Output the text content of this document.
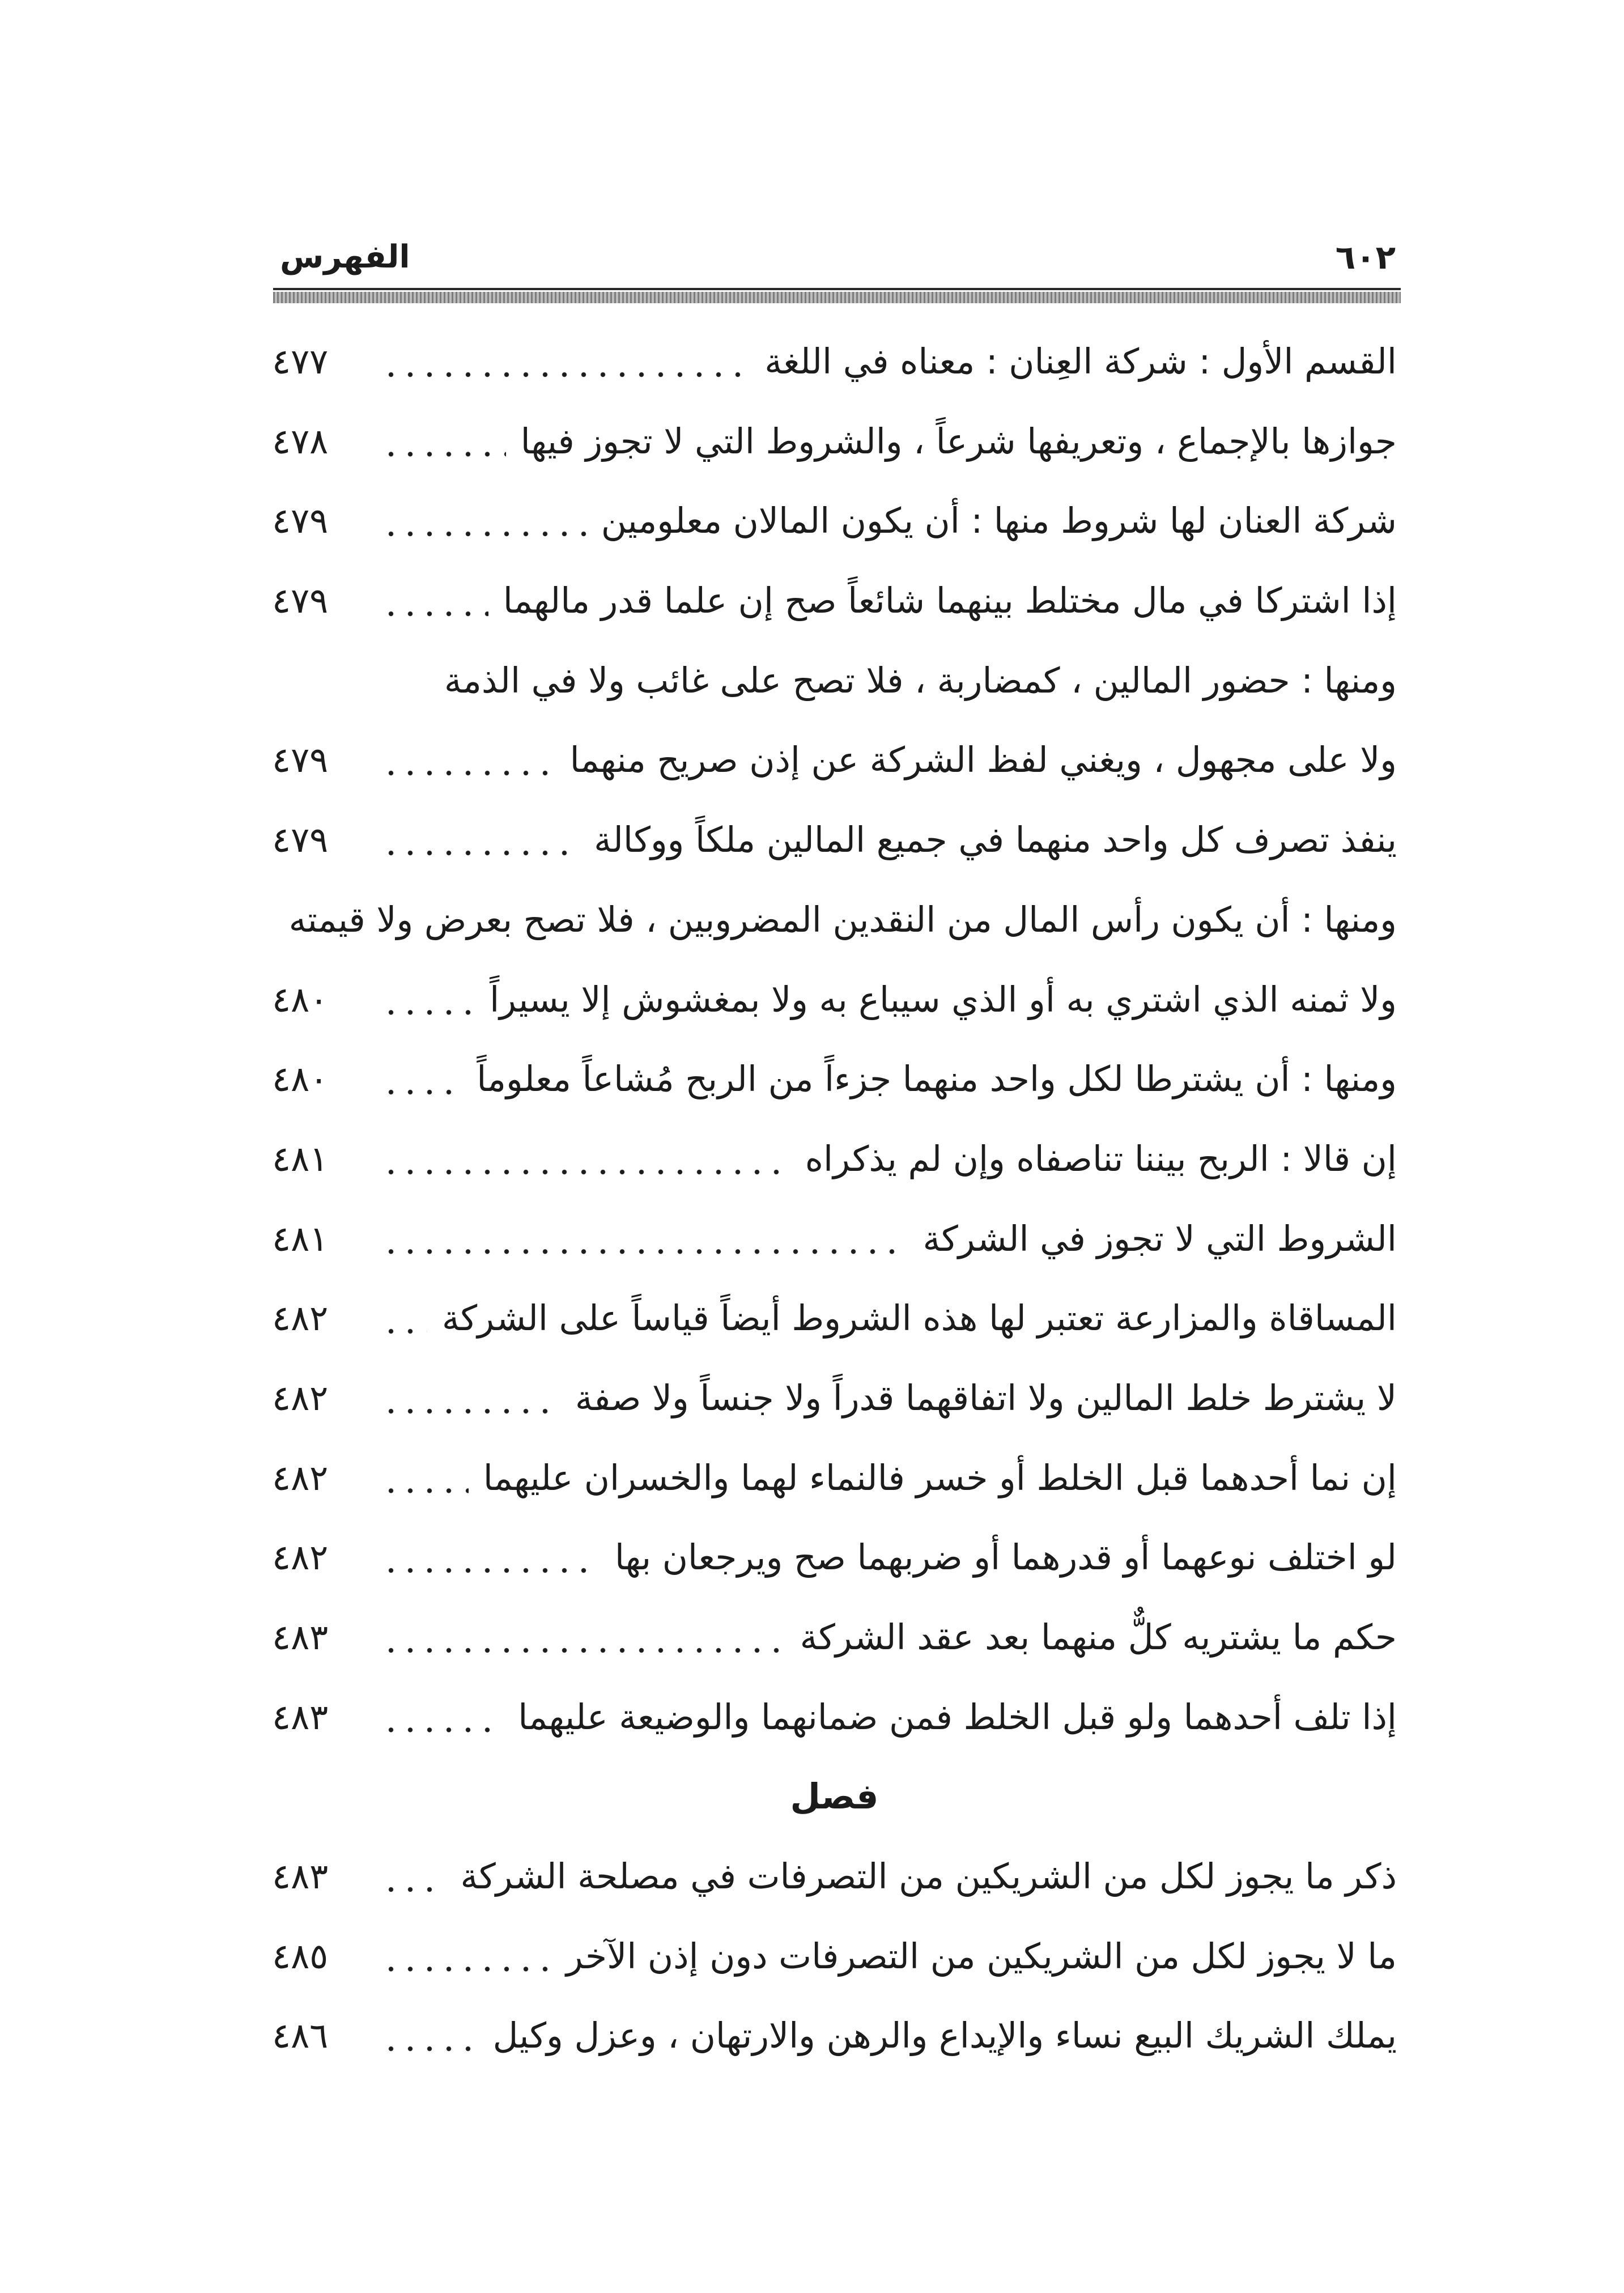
٦٠٢
الفهرس
القسم الأول : شركة العِنان : معناه في اللغة
٤٧٧
جوازها بالإجماع ، وتعريفها شرعاً ، والشروط التي لا تجوز فيها
٤٧٨
شركة العنان لها شروط منها : أن يكون المالان معلومين
٤٧٩
إذا اشتركا في مال مختلط بينهما شائعاً صح إن علما قدر مالهما
٤٧٩
ومنها : حضور المالين ، كمضاربة ، فلا تصح على غائب ولا في الذمة
ولا على مجهول ، ويغني لفظ الشركة عن إذن صريح منهما
٤٧٩
ينفذ تصرف كل واحد منهما في جميع المالين ملكاً ووكالة
٤٧٩
ومنها : أن يكون رأس المال من النقدين المضروبين ، فلا تصح بعرض ولا قيمته
ولا ثمنه الذي اشتري به أو الذي سيباع به ولا بمغشوش إلا يسيراً
٤٨٠
ومنها : أن يشترطا لكل واحد منهما جزءاً من الربح مُشاعاً معلوماً
٤٨٠
إن قالا : الربح بيننا تناصفاه وإن لم يذكراه
٤٨١
الشروط التي لا تجوز في الشركة
٤٨١
المساقاة والمزارعة تعتبر لها هذه الشروط أيضاً قياساً على الشركة
٤٨٢
لا يشترط خلط المالين ولا اتفاقهما قدراً ولا جنساً ولا صفة
٤٨٢
إن نما أحدهما قبل الخلط أو خسر فالنماء لهما والخسران عليهما
٤٨٢
لو اختلف نوعهما أو قدرهما أو ضربهما صح ويرجعان بها
٤٨٢
حكم ما يشتريه كلٌّ منهما بعد عقد الشركة
٤٨٣
إذا تلف أحدهما ولو قبل الخلط فمن ضمانهما والوضيعة عليهما
٤٨٣
فصل
ذكر ما يجوز لكل من الشريكين من التصرفات في مصلحة الشركة
٤٨٣
ما لا يجوز لكل من الشريكين من التصرفات دون إذن الآخر
٤٨٥
يملك الشريك البيع نساء والإيداع والرهن والارتهان ، وعزل وكيل
٤٨٦
